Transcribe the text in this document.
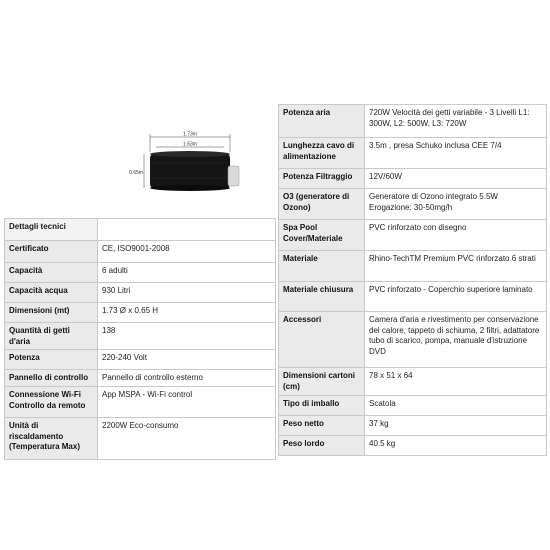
1.73m
1.63m
0.65m
Dettagli tecnici	
Certificato	CE, ISO9001-2008
Capacità	6 adulti
Capacità acqua	930 Litri
Dimensioni (mt)	1.73 Ø x 0.65 H
Quantità di getti d'aria	138
Potenza	220-240 Volt
Pannello di controllo	Pannello di controllo esterno
Connessione Wi-Fi Controllo da remoto	App MSPA - Wi-Fi control
Unità di riscaldamento (Temperatura Max)	2200W Eco-consumo
Potenza aria	720W Velocità dei getti variabile - 3 Livelli L1: 300W, L2: 500W, L3: 720W
Lunghezza cavo di alimentazione	3.5m , presa Schuko inclusa CEE 7/4
Potenza Filtraggio	12V/60W
O3 (generatore di Ozono)	Generatore di Ozono integrato 5.5W Erogazione: 30-50mg/h
Spa Pool Cover/Materiale	PVC rinforzato con disegno
Materiale	Rhino-TechTM Premium PVC rinforzato 6 strati
Materiale chiusura	PVC rinforzato - Coperchio superiore laminato
Accessori	Camera d'aria e rivestimento per conservazione del calore, tappeto di schiuma, 2 filtri, adattatore tubo di scarico, pompa, manuale d'istruzione DVD
Dimensioni cartoni (cm)	78 x 51 x 64
Tipo di imballo	Scatola
Peso netto	37 kg
Peso lordo	40.5 kg
